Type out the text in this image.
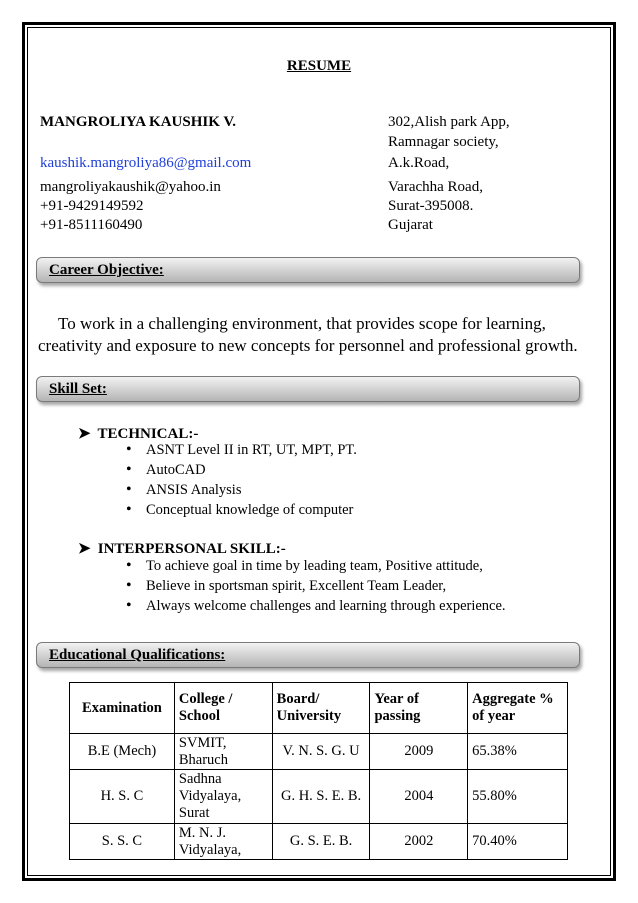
RESUME
MANGROLIYA KAUSHIK V.	302,Alish park App,
Ramnagar society,
A.k.Road,
Varachha Road,
Surat-395008.
Gujarat
kaushik.mangroliya86@gmail.com
mangroliyakaushik@yahoo.in
+91-9429149592
+91-8511160490
Career Objective:
To work in a challenging environment, that provides scope for learning, creativity and exposure to new concepts for personnel and professional growth.
Skill Set:
➤ TECHNICAL:-
• ASNT Level II in RT, UT, MPT, PT.
• AutoCAD
• ANSIS Analysis
• Conceptual knowledge of computer
➤ INTERPERSONAL SKILL:-
• To achieve goal in time by leading team, Positive attitude,
• Believe in sportsman spirit, Excellent Team Leader,
• Always welcome challenges and learning through experience.
Educational Qualifications:
Examination	College / School	Board/ University	Year of passing	Aggregate % of year
B.E (Mech)	SVMIT, Bharuch	V. N. S. G. U	2009	65.38%
H. S. C	Sadhna Vidyalaya, Surat	G. H. S. E. B.	2004	55.80%
S. S. C	M. N. J. Vidyalaya,	G. S. E. B.	2002	70.40%
